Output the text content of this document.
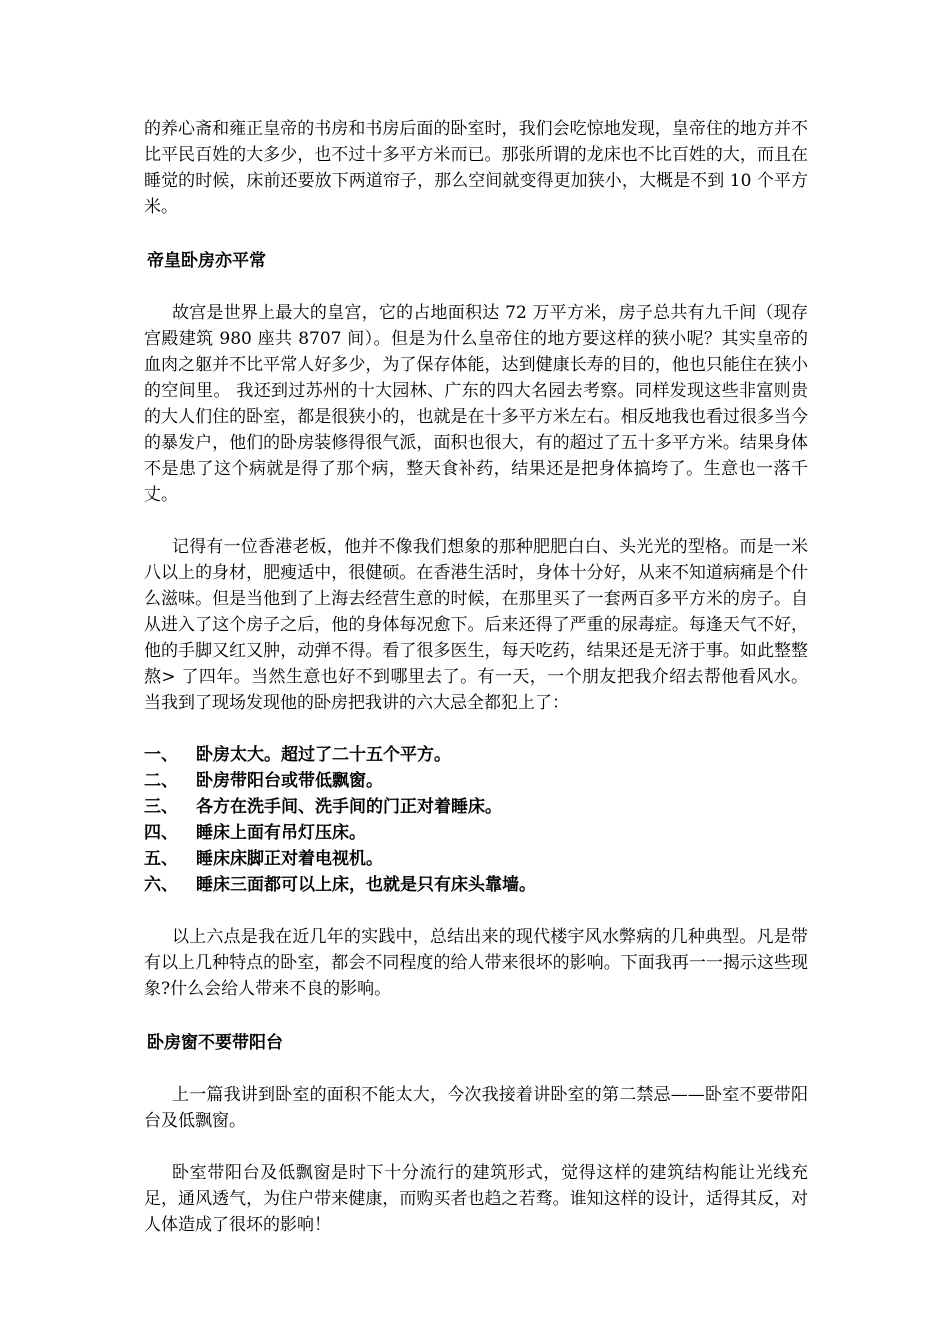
的养心斋和雍正皇帝的书房和书房后面的卧室时，我们会吃惊地发现，皇帝住的地方并不比平民百姓的大多少，也不过十多平方米而已。那张所谓的龙床也不比百姓的大，而且在睡觉的时候，床前还要放下两道帘子，那么空间就变得更加狭小，大概是不到 10 个平方米。

帝皇卧房亦平常

故宫是世界上最大的皇宫，它的占地面积达 72 万平方米，房子总共有九千间（现存宫殿建筑 980 座共 8707 间）。但是为什么皇帝住的地方要这样的狭小呢？其实皇帝的血肉之躯并不比平常人好多少，为了保存体能，达到健康长寿的目的，他也只能住在狭小的空间里。 我还到过苏州的十大园林、广东的四大名园去考察。同样发现这些非富则贵的大人们住的卧室，都是很狭小的，也就是在十多平方米左右。相反地我也看过很多当今的暴发户，他们的卧房装修得很气派，面积也很大，有的超过了五十多平方米。结果身体不是患了这个病就是得了那个病，整天食补药，结果还是把身体搞垮了。生意也一落千丈。

记得有一位香港老板，他并不像我们想象的那种肥肥白白、头光光的型格。而是一米八以上的身材，肥瘦适中，很健硕。在香港生活时，身体十分好，从来不知道病痛是个什么滋味。但是当他到了上海去经营生意的时候，在那里买了一套两百多平方米的房子。自从进入了这个房子之后，他的身体每况愈下。后来还得了严重的尿毒症。每逢天气不好，他的手脚又红又肿，动弹不得。看了很多医生，每天吃药，结果还是无济于事。如此整整熬> 了四年。当然生意也好不到哪里去了。有一天，一个朋友把我介绍去帮他看风水。当我到了现场发现他的卧房把我讲的六大忌全都犯上了：

一、	卧房太大。超过了二十五个平方。
二、	卧房带阳台或带低飘窗。
三、	各方在洗手间、洗手间的门正对着睡床。
四、	睡床上面有吊灯压床。
五、	睡床床脚正对着电视机。
六、	睡床三面都可以上床，也就是只有床头靠墙。

以上六点是我在近几年的实践中，总结出来的现代楼宇风水弊病的几种典型。凡是带有以上几种特点的卧室，都会不同程度的给人带来很坏的影响。下面我再一一揭示这些现象?什么会给人带来不良的影响。

卧房窗不要带阳台

上一篇我讲到卧室的面积不能太大，今次我接着讲卧室的第二禁忌——卧室不要带阳台及低飘窗。

卧室带阳台及低飘窗是时下十分流行的建筑形式，觉得这样的建筑结构能让光线充足，通风透气，为住户带来健康，而购买者也趋之若骛。谁知这样的设计，适得其反，对人体造成了很坏的影响！
